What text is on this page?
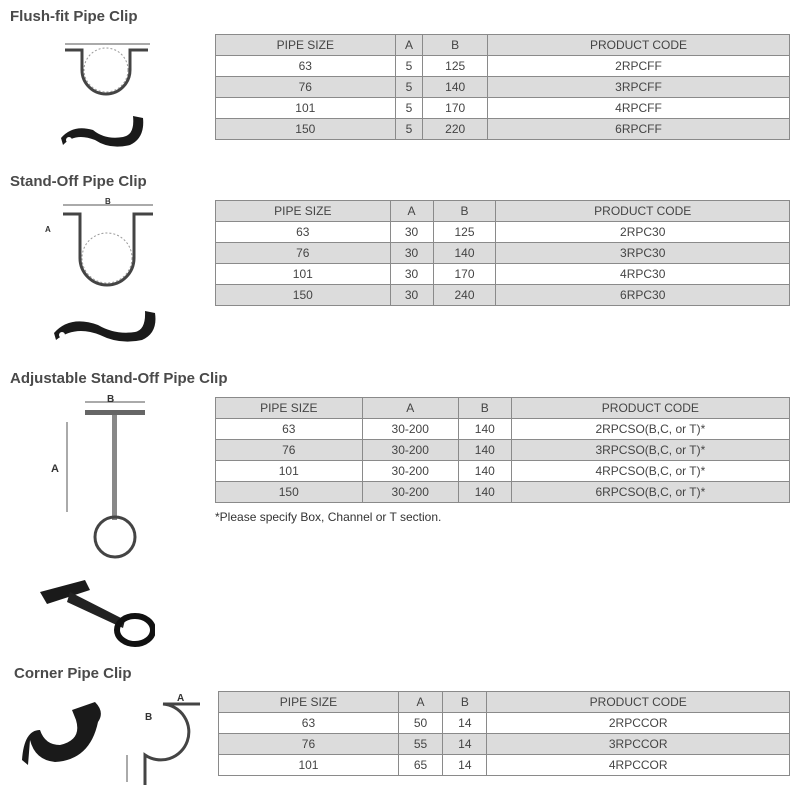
Flush-fit Pipe Clip
Stand-Off Pipe Clip
Adjustable Stand-Off Pipe Clip
Corner Pipe Clip
PIPE SIZE	A	B	PRODUCT CODE
63	5	125	2RPCFF
76	5	140	3RPCFF
101	5	170	4RPCFF
150	5	220	6RPCFF
PIPE SIZE	A	B	PRODUCT CODE
63	30	125	2RPC30
76	30	140	3RPC30
101	30	170	4RPC30
150	30	240	6RPC30
PIPE SIZE	A	B	PRODUCT CODE
63	30-200	140	2RPCSO(B,C, or T)*
76	30-200	140	3RPCSO(B,C, or T)*
101	30-200	140	4RPCSO(B,C, or T)*
150	30-200	140	6RPCSO(B,C, or T)*
PIPE SIZE	A	B	PRODUCT CODE
63	50	14	2RPCCOR
76	55	14	3RPCCOR
101	65	14	4RPCCOR
*Please specify Box, Channel or T section.
B
A
B
A
A
B
